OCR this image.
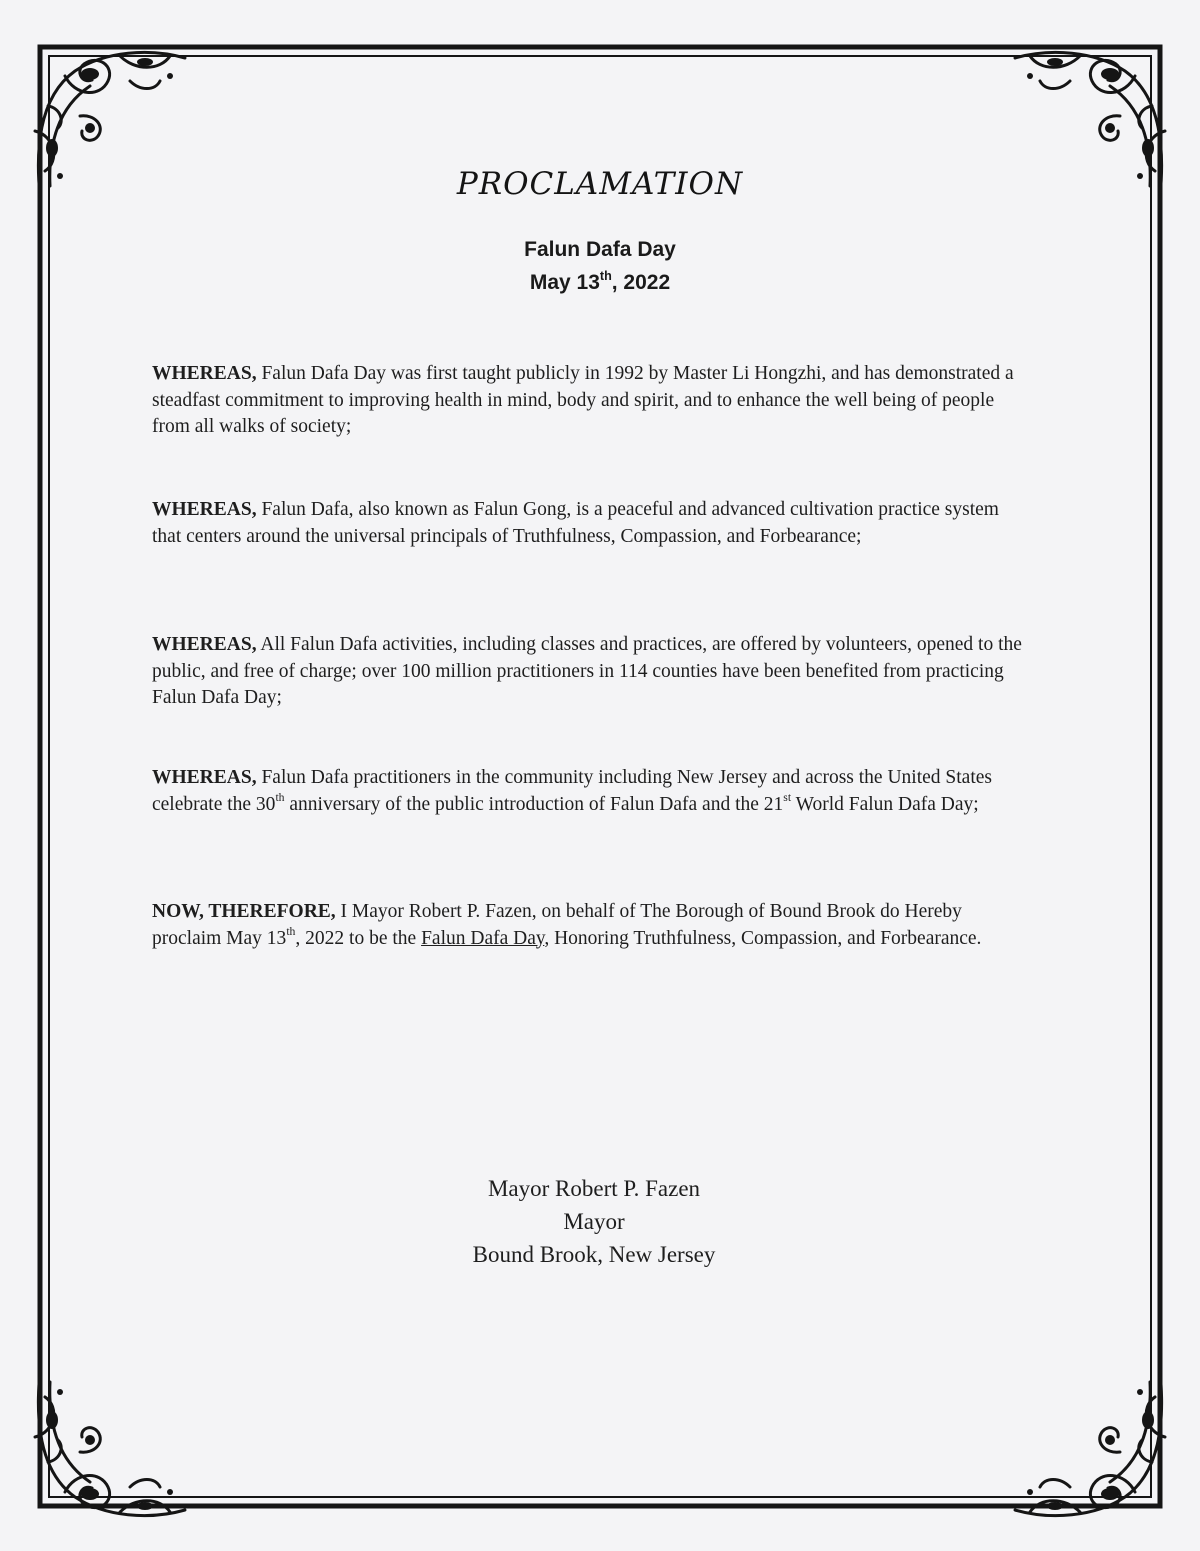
PROCLAMATION
Falun Dafa Day
May 13th, 2022
WHEREAS, Falun Dafa Day was first taught publicly in 1992 by Master Li Hongzhi, and has demonstrated a steadfast commitment to improving health in mind, body and spirit, and to enhance the well being of people from all walks of society;
WHEREAS, Falun Dafa, also known as Falun Gong, is a peaceful and advanced cultivation practice system that centers around the universal principals of Truthfulness, Compassion, and Forbearance;
WHEREAS, All Falun Dafa activities, including classes and practices, are offered by volunteers, opened to the public, and free of charge; over 100 million practitioners in 114 counties have been benefited from practicing Falun Dafa Day;
WHEREAS, Falun Dafa practitioners in the community including New Jersey and across the United States celebrate the 30th anniversary of the public introduction of Falun Dafa and the 21st World Falun Dafa Day;
NOW, THEREFORE, I Mayor Robert P. Fazen, on behalf of The Borough of Bound Brook do Hereby proclaim May 13th, 2022 to be the Falun Dafa Day, Honoring Truthfulness, Compassion, and Forbearance.
Mayor Robert P. Fazen
Mayor
Bound Brook, New Jersey
